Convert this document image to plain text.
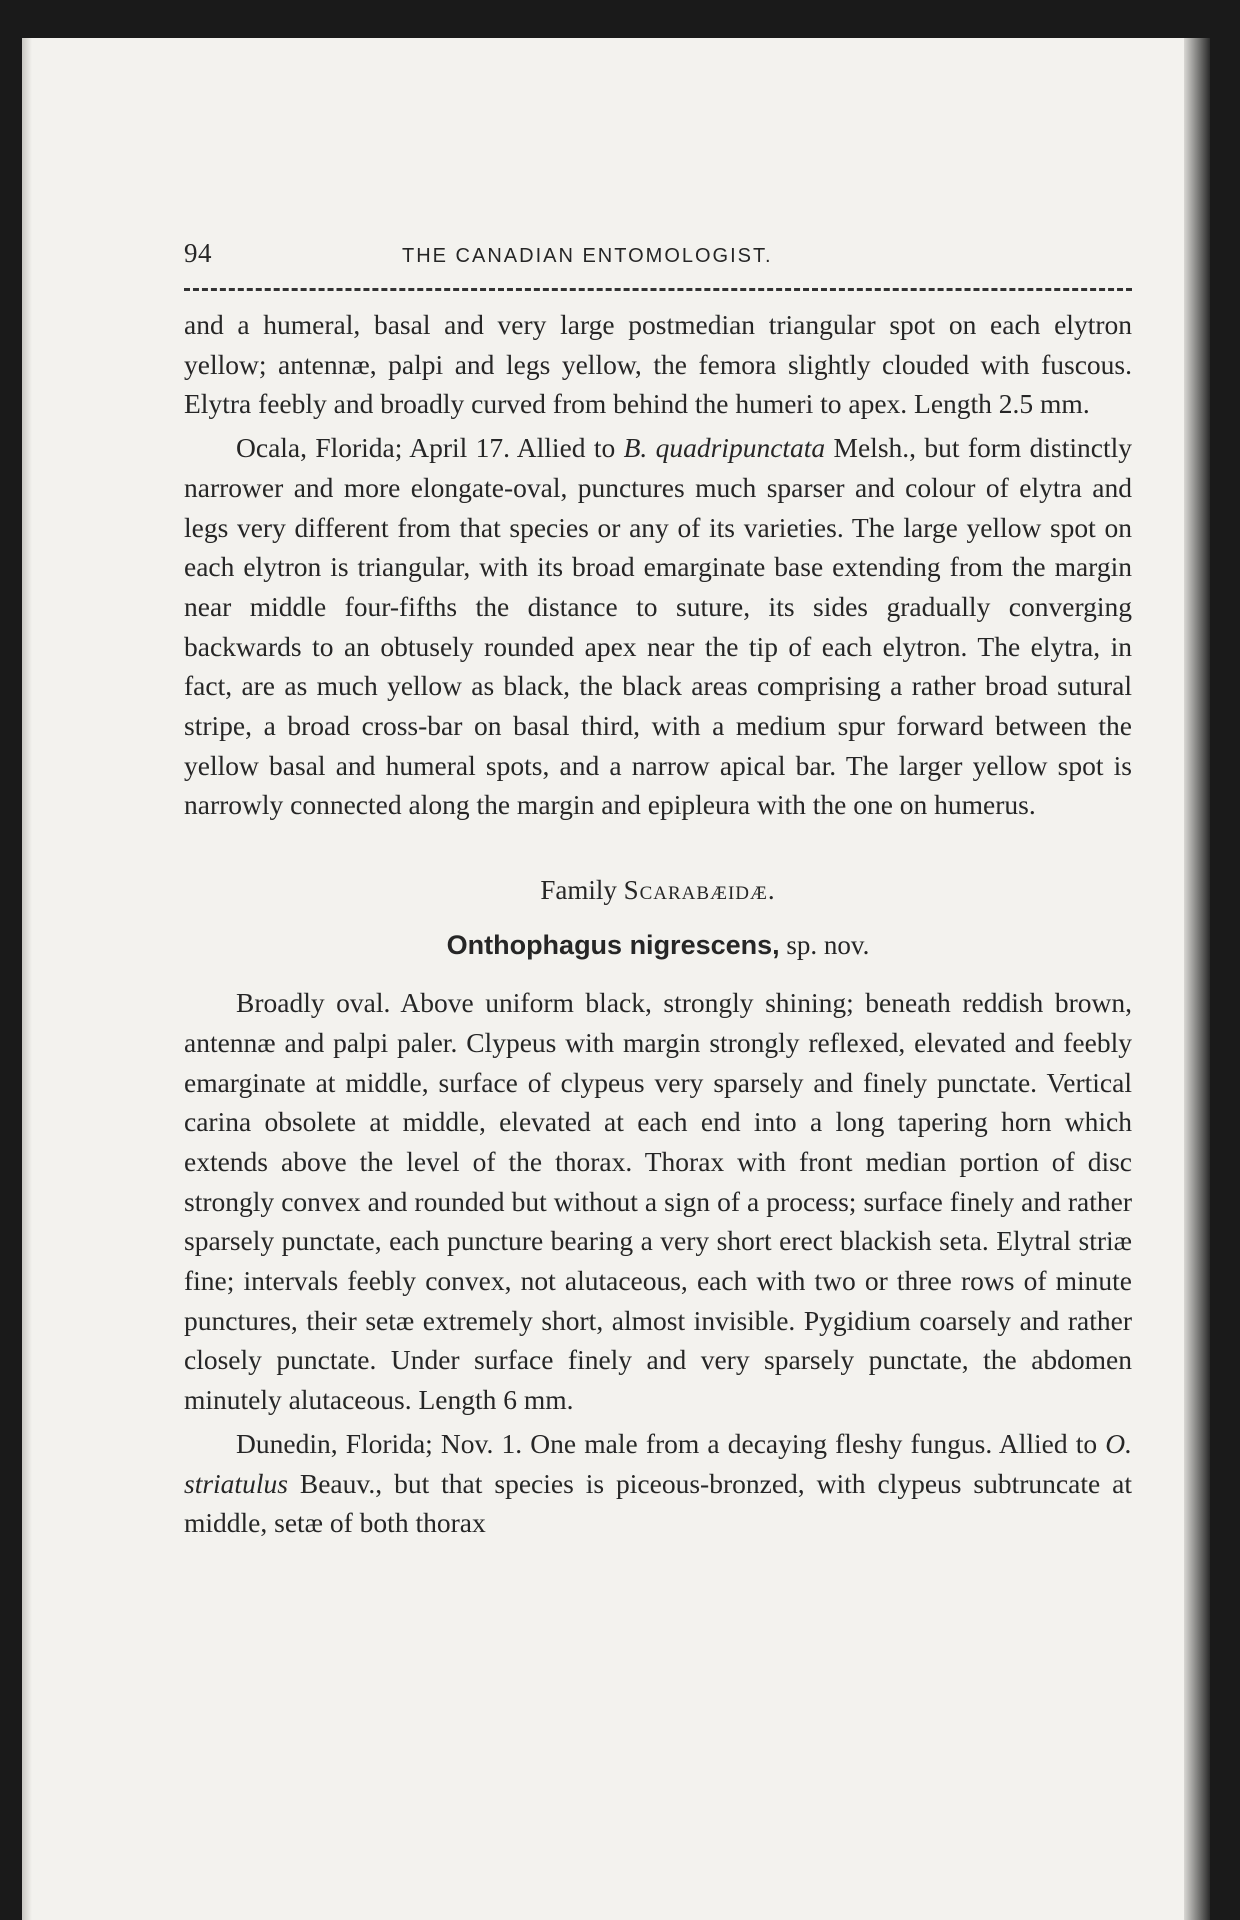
94	THE CANADIAN ENTOMOLOGIST.

and a humeral, basal and very large postmedian triangular spot on each elytron yellow; antennæ, palpi and legs yellow, the femora slightly clouded with fuscous. Elytra feebly and broadly curved from behind the humeri to apex. Length 2.5 mm.

Ocala, Florida; April 17. Allied to B. quadripunctata Melsh., but form distinctly narrower and more elongate-oval, punctures much sparser and colour of elytra and legs very different from that species or any of its varieties. The large yellow spot on each elytron is triangular, with its broad emarginate base extending from the margin near middle four-fifths the distance to suture, its sides gradually converging backwards to an obtusely rounded apex near the tip of each elytron. The elytra, in fact, are as much yellow as black, the black areas comprising a rather broad sutural stripe, a broad cross-bar on basal third, with a medium spur forward between the yellow basal and humeral spots, and a narrow apical bar. The larger yellow spot is narrowly connected along the margin and epipleura with the one on humerus.

Family Scarabæidæ.
Onthophagus nigrescens, sp. nov.

Broadly oval. Above uniform black, strongly shining; beneath reddish brown, antennæ and palpi paler. Clypeus with margin strongly reflexed, elevated and feebly emarginate at middle, surface of clypeus very sparsely and finely punctate. Vertical carina obsolete at middle, elevated at each end into a long tapering horn which extends above the level of the thorax. Thorax with front median portion of disc strongly convex and rounded but without a sign of a process; surface finely and rather sparsely punctate, each puncture bearing a very short erect blackish seta. Elytral striæ fine; intervals feebly convex, not alutaceous, each with two or three rows of minute punctures, their setæ extremely short, almost invisible. Pygidium coarsely and rather closely punctate. Under surface finely and very sparsely punctate, the abdomen minutely alutaceous. Length 6 mm.

Dunedin, Florida; Nov. 1. One male from a decaying fleshy fungus. Allied to O. striatulus Beauv., but that species is piceous-bronzed, with clypeus subtruncate at middle, setæ of both thorax
